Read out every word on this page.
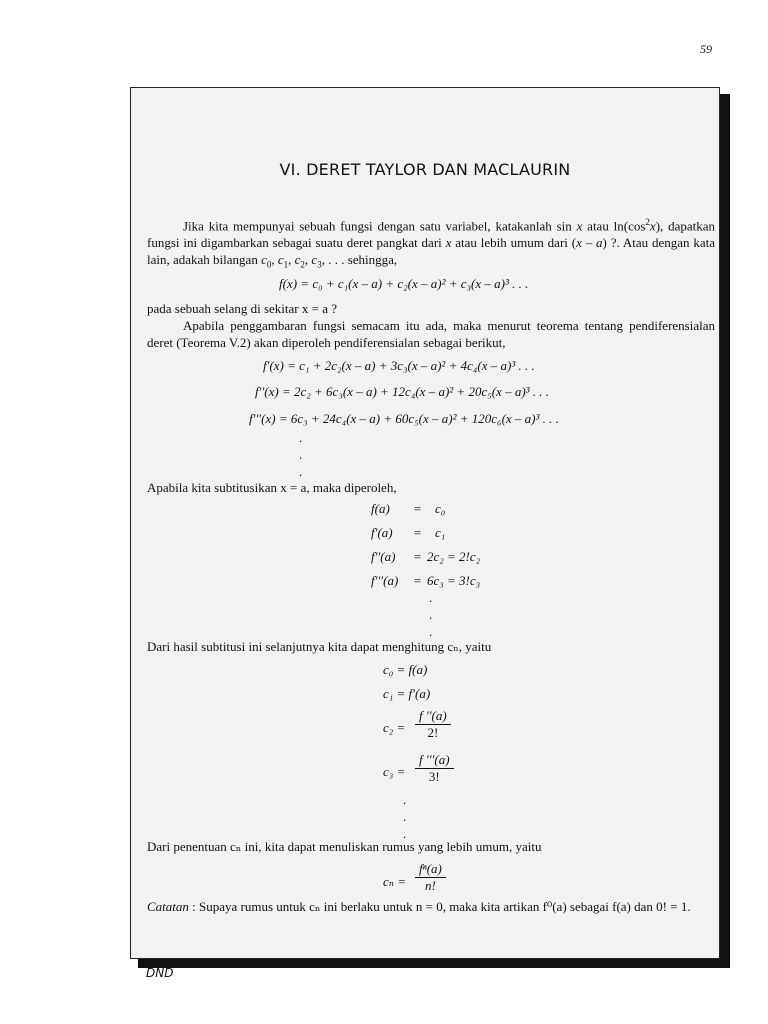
59
VI. DERET TAYLOR DAN MACLAURIN

Jika kita mempunyai sebuah fungsi dengan satu variabel, katakanlah sin x atau $\ln(\cos^2x)$, dapatkan fungsi ini digambarkan sebagai suatu deret pangkat dari x atau lebih umum dari (x – a) ?. Atau dengan kata lain, adakah bilangan $c_0$, $c_1$, $c_2$, $c_3$, . . . sehingga,

f(x) = c₀ + c₁(x – a) + c₂(x – a)² + c₃(x – a)³ . . .

pada sebuah selang di sekitar x = a ?

Apabila penggambaran fungsi semacam itu ada, maka menurut teorema tentang pendiferensialan deret (Teorema V.2) akan diperoleh pendiferensialan sebagai berikut,

f′(x) = c₁ + 2c₂(x – a) + 3c₃(x – a)² + 4c₄(x – a)³ . . .
f′′(x) = 2c₂ + 6c₃(x – a) + 12c₄(x – a)² + 20c₅(x – a)³ . . .
f′′′(x) = 6c₃ + 24c₄(x – a) + 60c₅(x – a)² + 120c₆(x – a)³ . . .
.
.
.

Apabila kita subtitusikan x = a, maka diperoleh,

f(a) = c₀
f′(a) = c₁
f′′(a) = 2c₂ = 2!c₂
f′′′(a) = 6c₃ = 3!c₃
.
.
.

Dari hasil subtitusi ini selanjutnya kita dapat menghitung cₙ, yaitu

c₀ = f(a)
c₁ = f′(a)
$c_2 = \frac{f ''(a)}{2!}$
$c_3 = \frac{f '''(a)}{3!}$
.
.
.

Dari penentuan cₙ ini, kita dapat menuliskan rumus yang lebih umum, yaitu

$c_n = \frac{\text{fⁿ(a)}}{n!}$

Catatan : Supaya rumus untuk cₙ ini berlaku untuk n = 0, maka kita artikan f⁰(a) sebagai f(a) dan 0! = 1.

DND
